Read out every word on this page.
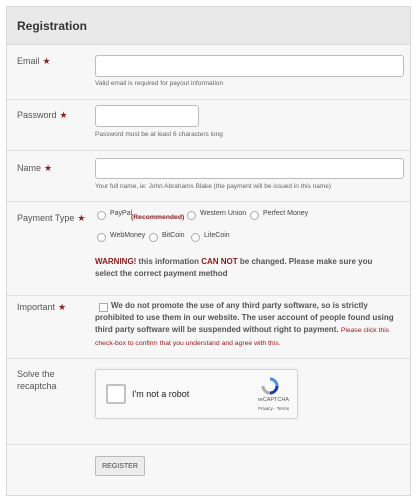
Registration
Email ★
Valid email is required for payout information
Password ★
Password must be at least 6 characters long
Name ★
Your full name, ie: John Abrahams Blake (the payment will be issued in this name)
Payment Type ★	PayPal
(Recommended)
Western Union Perfect Money
WebMoney BitCoin	LiteCoin
WARNING! this information CAN NOT be changed. Please make sure you select the correct payment method
Important ★	We do not promote the use of any third party software, so is strictly prohibited to use them in our website. The user account of people found using third party software will be suspended without right to payment. Please click this check-box to confirm that you understand and agree with this.
Solve the recaptcha
I'm not a robot
reCAPTCHA
Privacy - Terms
REGISTER
